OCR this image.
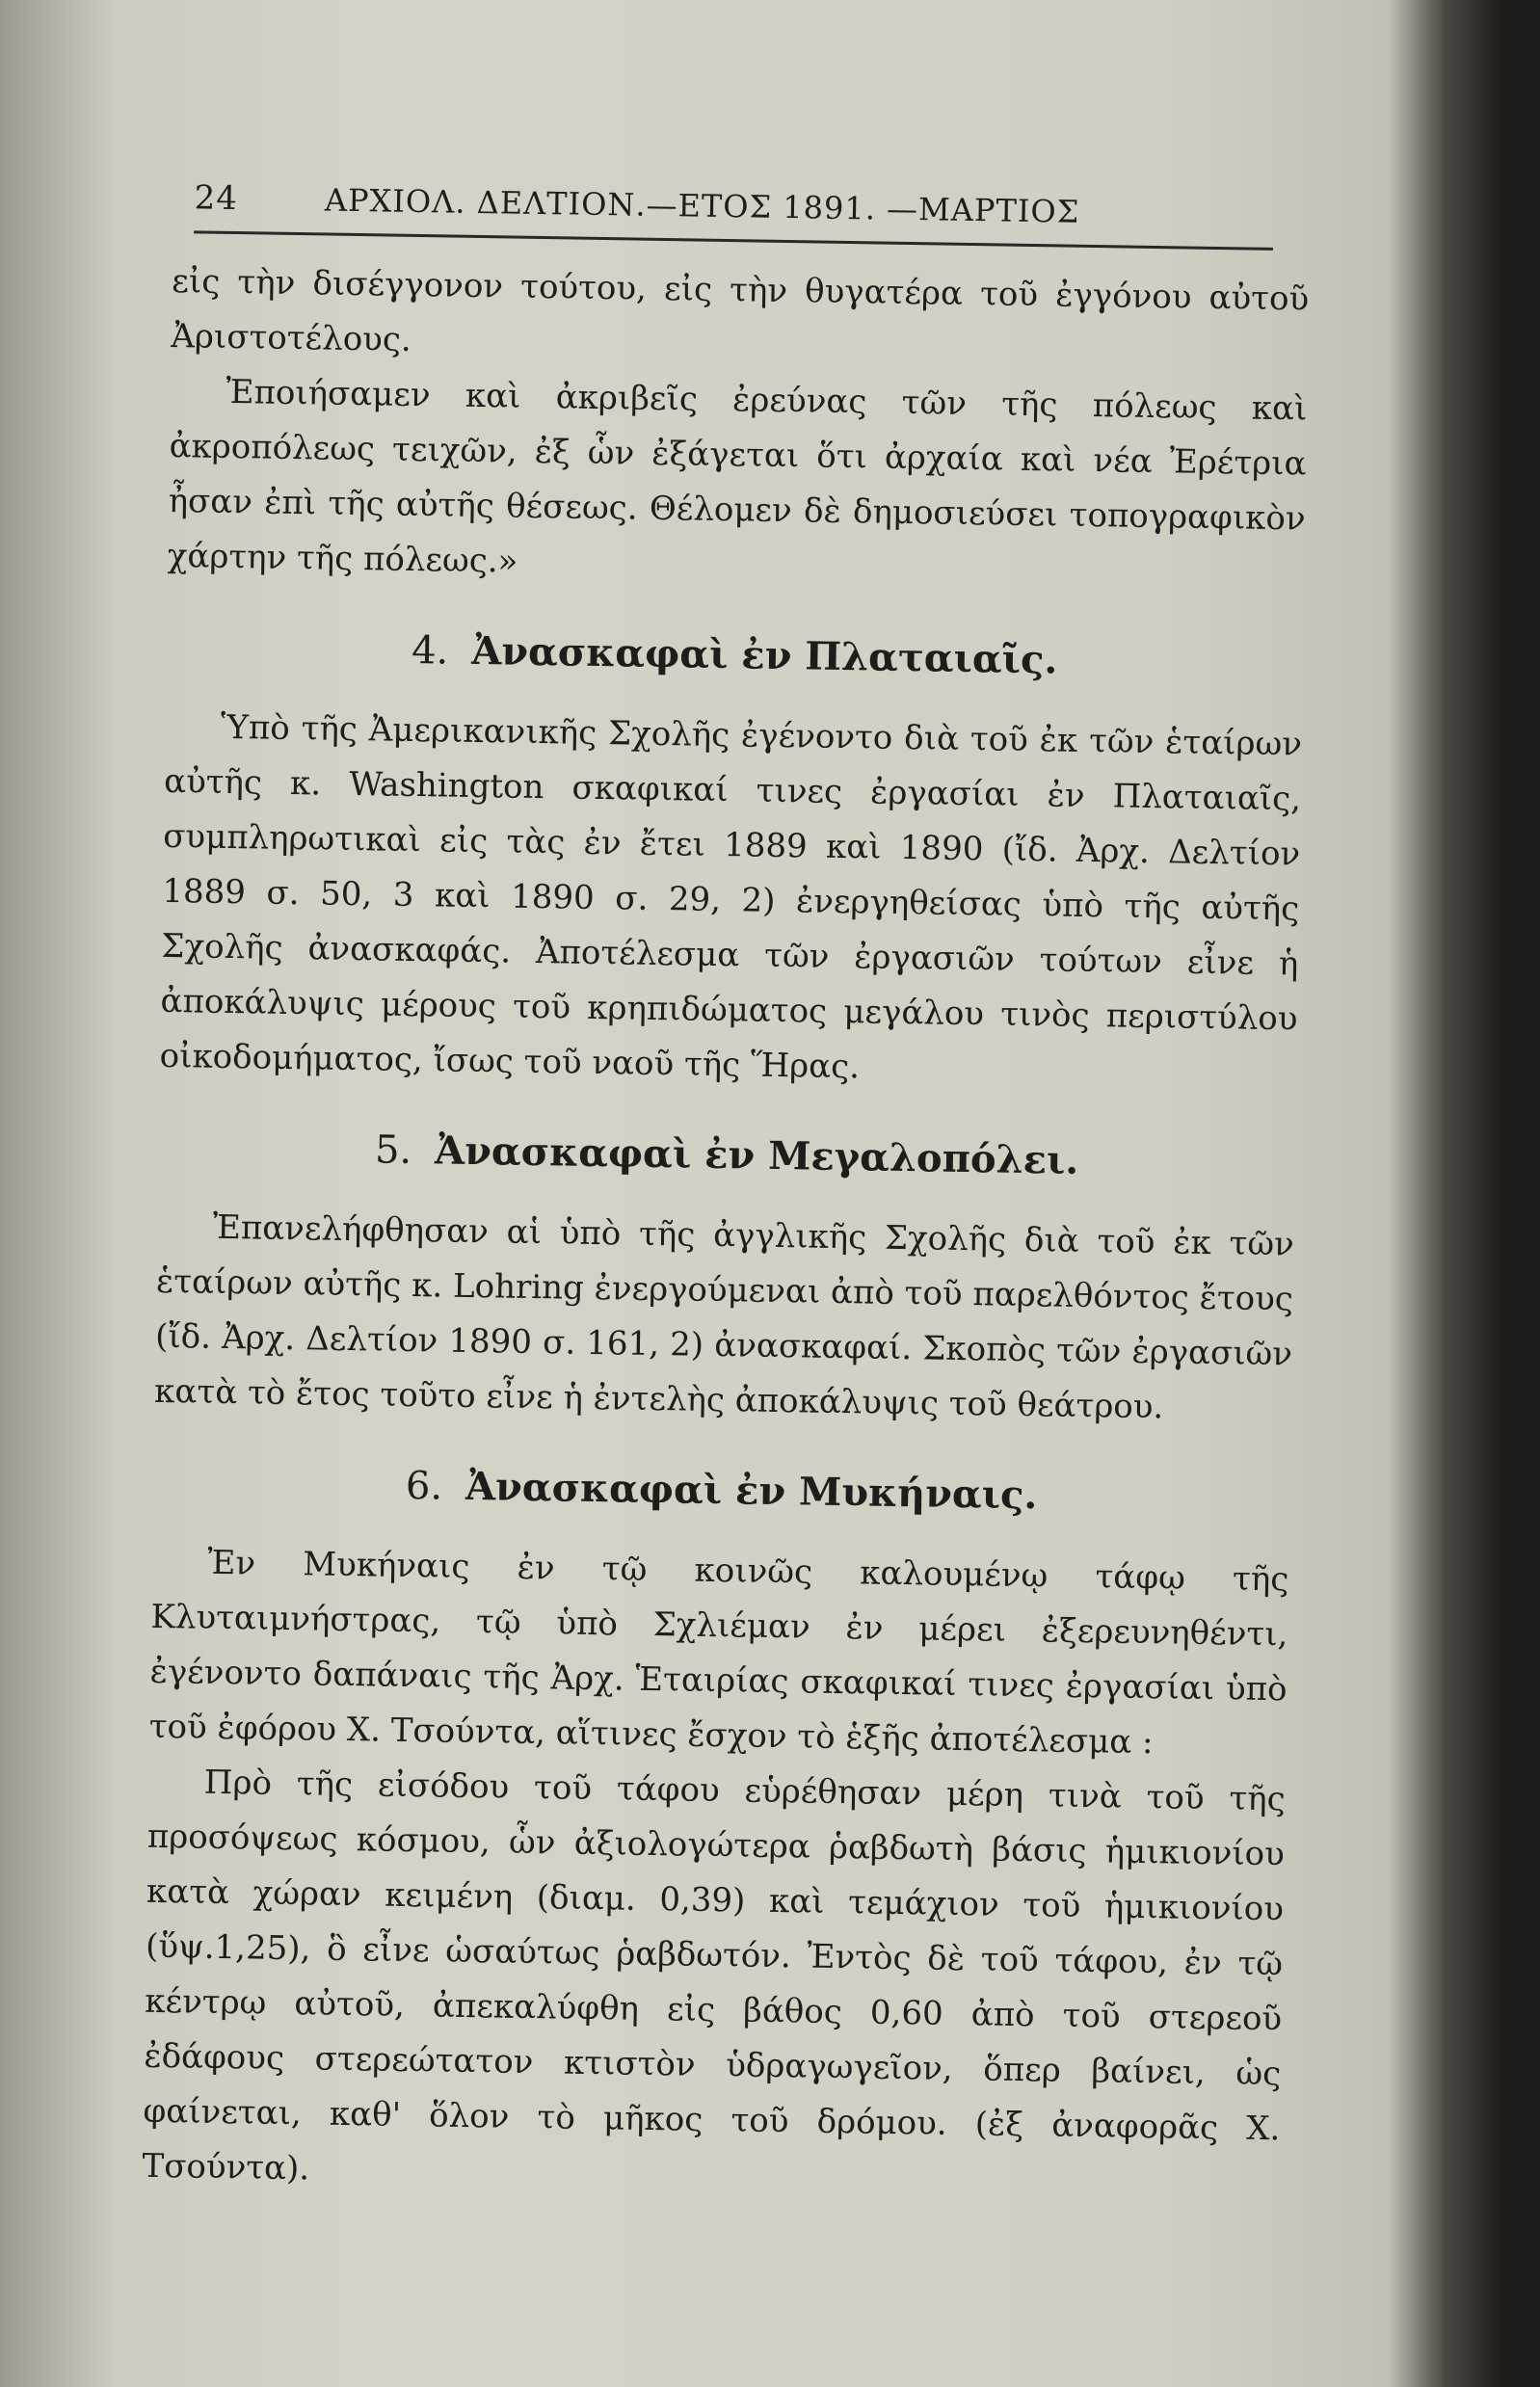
24	ΑΡΧΙΟΛ. ΔΕΛΤΙΟΝ.—ΕΤΟΣ 1891. —ΜΑΡΤΙΟΣ

εἰς τὴν δισέγγονον τούτου, εἰς τὴν θυγατέρα τοῦ ἐγγόνου αὐτοῦ Ἀριστοτέλους.

Ἐποιήσαμεν καὶ ἀκριβεῖς ἐρεύνας τῶν τῆς πόλεως καὶ ἀκροπόλεως τειχῶν, ἐξ ὧν ἐξάγεται ὅτι ἀρχαία καὶ νέα Ἐρέτρια ἦσαν ἐπὶ τῆς αὐτῆς θέσεως. Θέλομεν δὲ δημοσιεύσει τοπογραφικὸν χάρτην τῆς πόλεως.»

4. Ἀνασκαφαὶ ἐν Πλαταιαῖς.

Ὑπὸ τῆς Ἀμερικανικῆς Σχολῆς ἐγένοντο διὰ τοῦ ἐκ τῶν ἑταίρων αὐτῆς κ. Washington σκαφικαί τινες ἐργασίαι ἐν Πλαταιαῖς, συμπληρωτικαὶ εἰς τὰς ἐν ἔτει 1889 καὶ 1890 (ἴδ. Ἀρχ. Δελτίον 1889 σ. 50, 3 καὶ 1890 σ. 29, 2) ἐνεργηθείσας ὑπὸ τῆς αὐτῆς Σχολῆς ἀνασκαφάς. Ἀποτέλεσμα τῶν ἐργασιῶν τούτων εἶνε ἡ ἀποκάλυψις μέρους τοῦ κρηπιδώματος μεγάλου τινὸς περιστύλου οἰκοδομήματος, ἴσως τοῦ ναοῦ τῆς Ἥρας.

5. Ἀνασκαφαὶ ἐν Μεγαλοπόλει.

Ἐπανελήφθησαν αἱ ὑπὸ τῆς ἀγγλικῆς Σχολῆς διὰ τοῦ ἐκ τῶν ἑταίρων αὐτῆς κ. Lohring ἐνεργούμεναι ἀπὸ τοῦ παρελθόντος ἔτους (ἴδ. Ἀρχ. Δελτίον 1890 σ. 161, 2) ἀνασκαφαί. Σκοπὸς τῶν ἐργασιῶν κατὰ τὸ ἔτος τοῦτο εἶνε ἡ ἐντελὴς ἀποκάλυψις τοῦ θεάτρου.

6. Ἀνασκαφαὶ ἐν Μυκήναις.

Ἐν Μυκήναις ἐν τῷ κοινῶς καλουμένῳ τάφῳ τῆς Κλυταιμνήστρας, τῷ ὑπὸ Σχλιέμαν ἐν μέρει ἐξερευνηθέντι, ἐγένοντο δαπάναις τῆς Ἀρχ. Ἑταιρίας σκαφικαί τινες ἐργασίαι ὑπὸ τοῦ ἐφόρου Χ. Τσούντα, αἵτινες ἔσχον τὸ ἑξῆς ἀποτέλεσμα :

Πρὸ τῆς εἰσόδου τοῦ τάφου εὑρέθησαν μέρη τινὰ τοῦ τῆς προσόψεως κόσμου, ὧν ἀξιολογώτερα ῥαβδωτὴ βάσις ἡμικιονίου κατὰ χώραν κειμένη (διαμ. 0,39) καὶ τεμάχιον τοῦ ἡμικιονίου (ὕψ.1,25), ὃ εἶνε ὡσαύτως ῥαβδωτόν. Ἐντὸς δὲ τοῦ τάφου, ἐν τῷ κέντρῳ αὐτοῦ, ἀπεκαλύφθη εἰς βάθος 0,60 ἀπὸ τοῦ στερεοῦ ἐδάφους στερεώτατον κτιστὸν ὑδραγωγεῖον, ὅπερ βαίνει, ὡς φαίνεται, καθ' ὅλον τὸ μῆκος τοῦ δρόμου. (ἐξ ἀναφορᾶς Χ. Τσούντα).
